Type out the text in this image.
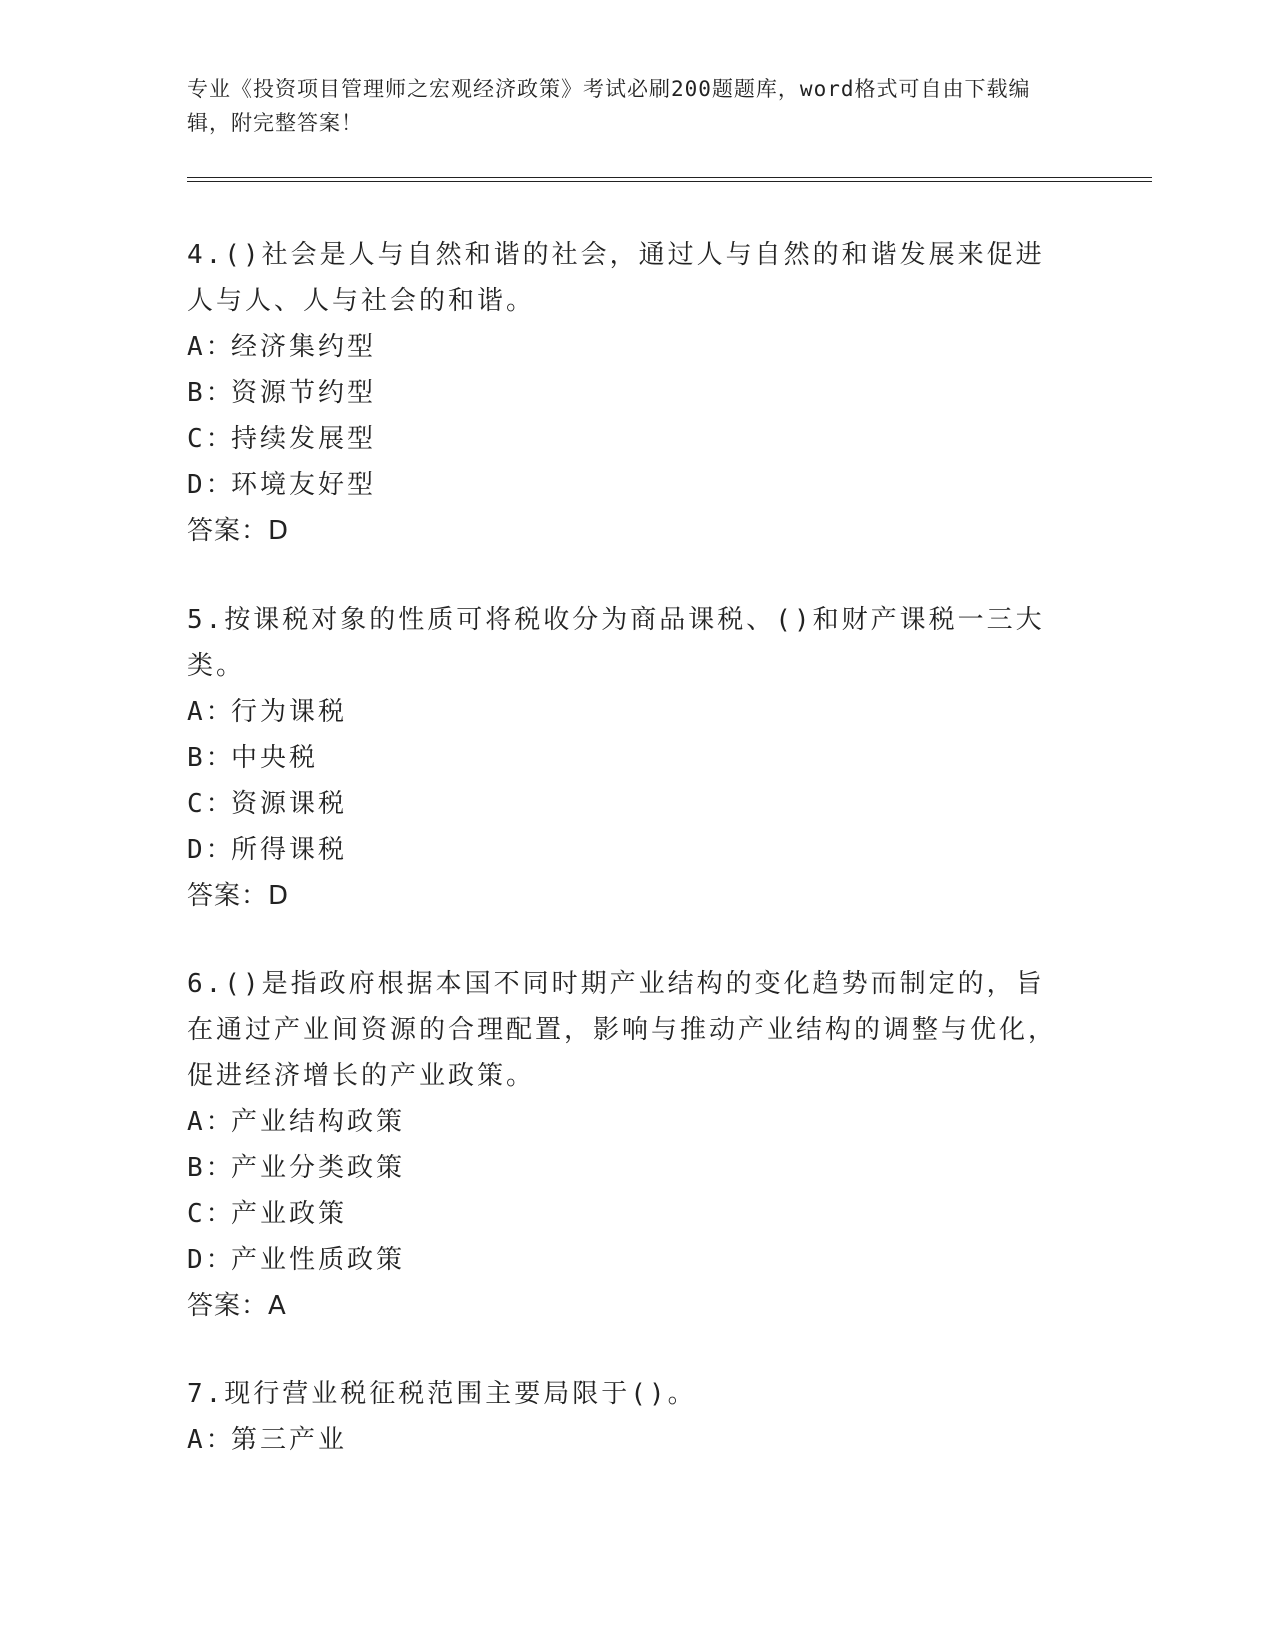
专业《投资项目管理师之宏观经济政策》考试必刷200题题库，word格式可自由下载编辑，附完整答案！

4.()社会是人与自然和谐的社会，通过人与自然的和谐发展来促进人与人、人与社会的和谐。

A：经济集约型

B：资源节约型

C：持续发展型

D：环境友好型

答案：D

5.按课税对象的性质可将税收分为商品课税、()和财产课税一三大类。

A：行为课税

B：中央税

C：资源课税

D：所得课税

答案：D

6.()是指政府根据本国不同时期产业结构的变化趋势而制定的，旨在通过产业间资源的合理配置，影响与推动产业结构的调整与优化，促进经济增长的产业政策。

A：产业结构政策

B：产业分类政策

C：产业政策

D：产业性质政策

答案：A

7.现行营业税征税范围主要局限于()。

A：第三产业
